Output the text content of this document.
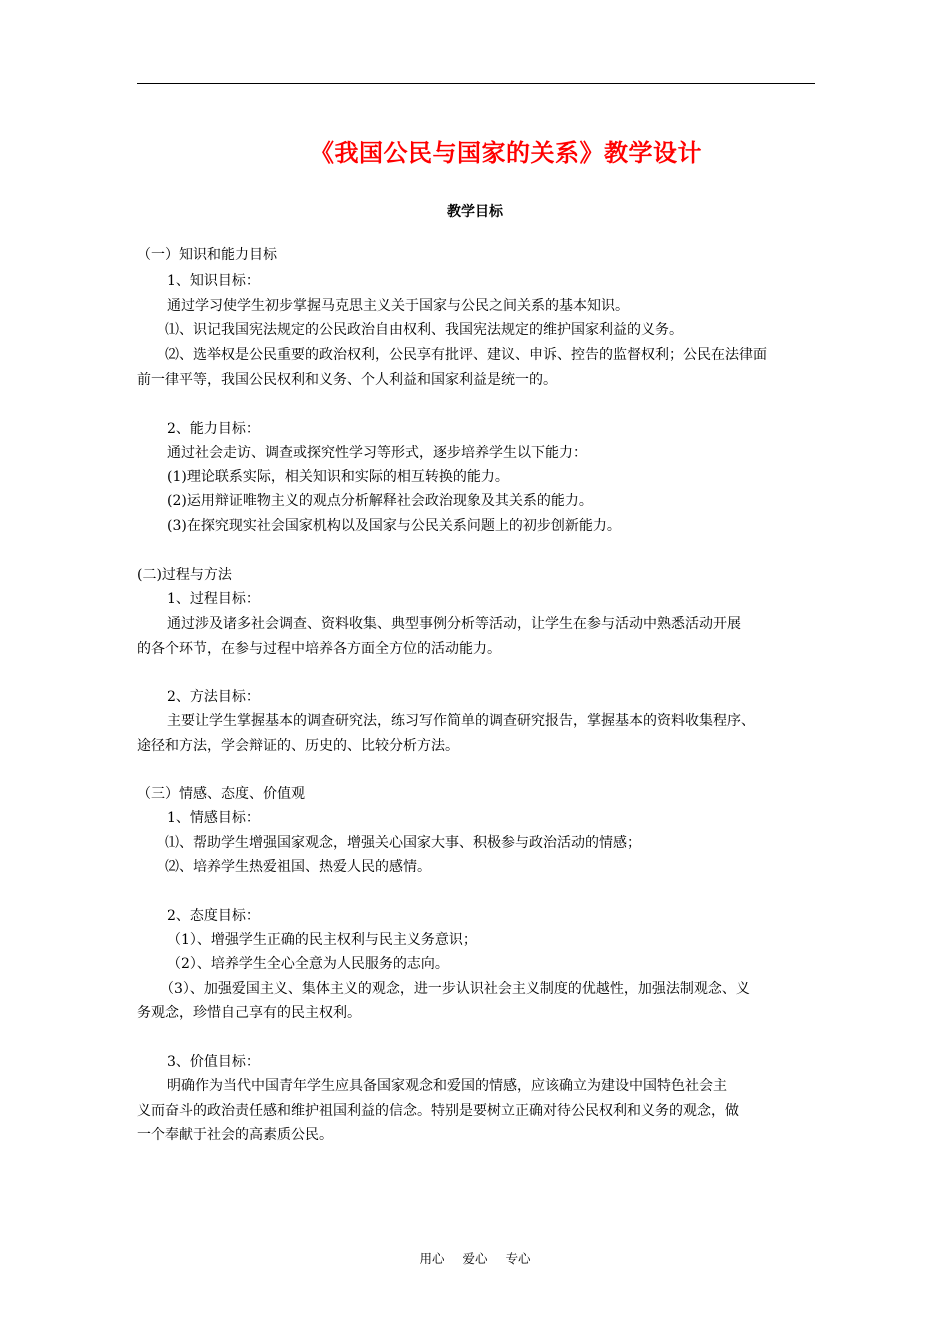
《我国公民与国家的关系》教学设计
教学目标
（一）知识和能力目标
1、知识目标：
通过学习使学生初步掌握马克思主义关于国家与公民之间关系的基本知识。
⑴、识记我国宪法规定的公民政治自由权利、我国宪法规定的维护国家利益的义务。
⑵、选举权是公民重要的政治权利，公民享有批评、建议、申诉、控告的监督权利；公民在法律面
前一律平等，我国公民权利和义务、个人利益和国家利益是统一的。
2、能力目标：
通过社会走访、调查或探究性学习等形式，逐步培养学生以下能力：
(1)理论联系实际，相关知识和实际的相互转换的能力。
(2)运用辩证唯物主义的观点分析解释社会政治现象及其关系的能力。
(3)在探究现实社会国家机构以及国家与公民关系问题上的初步创新能力。
(二)过程与方法
1、过程目标：
通过涉及诸多社会调查、资料收集、典型事例分析等活动，让学生在参与活动中熟悉活动开展
的各个环节，在参与过程中培养各方面全方位的活动能力。
2、方法目标：
主要让学生掌握基本的调查研究法，练习写作简单的调查研究报告，掌握基本的资料收集程序、
途径和方法，学会辩证的、历史的、比较分析方法。
（三）情感、态度、价值观
1、情感目标：
⑴、帮助学生增强国家观念，增强关心国家大事、积极参与政治活动的情感；
⑵、培养学生热爱祖国、热爱人民的感情。
2、态度目标：
（1）、增强学生正确的民主权利与民主义务意识；
（2）、培养学生全心全意为人民服务的志向。
（3）、加强爱国主义、集体主义的观念，进一步认识社会主义制度的优越性，加强法制观念、义
务观念，珍惜自己享有的民主权利。
3、价值目标：
明确作为当代中国青年学生应具备国家观念和爱国的情感，应该确立为建设中国特色社会主
义而奋斗的政治责任感和维护祖国利益的信念。特别是要树立正确对待公民权利和义务的观念，做
一个奉献于社会的高素质公民。
用心 爱心 专心
